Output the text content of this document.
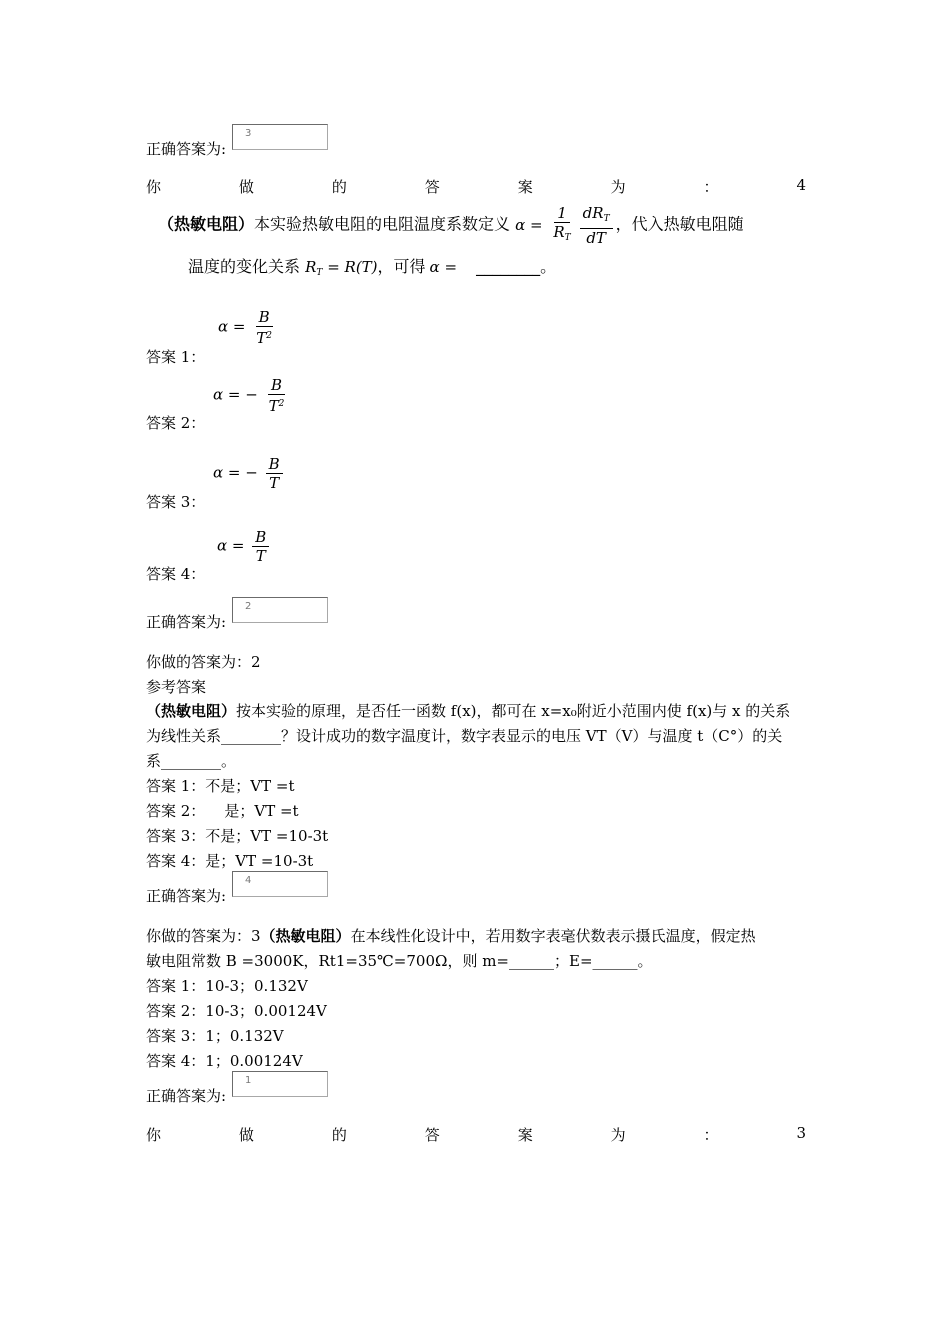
正确答案为:
3
你	做	的	答	案	为	：	4
（热敏电阻）本实验热敏电阻的电阻温度系数定义 $\alpha = \frac{1}{R_T} \frac{dR_T}{dT}$ ，代入热敏电阻随
温度的变化关系 $R_T = R(T)$，可得 α = ________。
答案 1：
$\alpha = \frac{B}{T^2}$
答案 2：
α = − $\frac{B}{T^2}$
答案 3：
α = − $\frac{B}{T}$
答案 4：
$\alpha = \frac{B}{T}$
正确答案为:
2
你做的答案为：2
参考答案
（热敏电阻）按本实验的原理，是否任一函数 f(x)，都可在 x=x₀附近小范围内使 f(x)与 x 的关系
为线性关系________？设计成功的数字温度计，数字表显示的电压 VT（V）与温度 t（C°）的关
系________。
答案 1：不是；VT =t
答案 2：    是；VT =t
答案 3：不是；VT =10-3t
答案 4：是；VT =10-3t
正确答案为:
4
你做的答案为：3（热敏电阻）在本线性化设计中，若用数字表毫伏数表示摄氏温度，假定热
敏电阻常数 B =3000K，Rt1=35℃=700Ω，则 m=______；E=______。
答案 1：10-3；0.132V
答案 2：10-3；0.00124V
答案 3：1；0.132V
答案 4：1；0.00124V
正确答案为:
1
你	做	的	答	案	为	：	3
